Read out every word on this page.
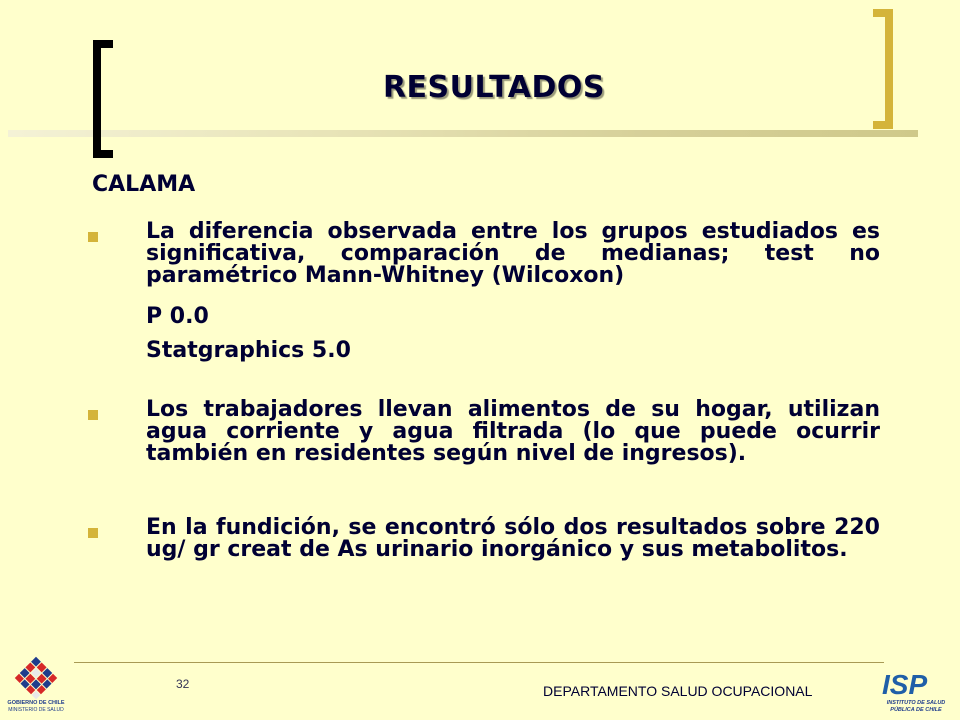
RESULTADOS
CALAMA
La diferencia observada entre los grupos estudiados es significativa, comparación de medianas; test no paramétrico Mann-Whitney (Wilcoxon)
P 0.0
Statgraphics 5.0
Los trabajadores llevan alimentos de su hogar, utilizan agua corriente y agua filtrada (lo que puede ocurrir también en residentes según nivel de ingresos).
En la fundición, se encontró sólo dos resultados sobre 220 ug/ gr creat de As urinario inorgánico y sus metabolitos.
32	DEPARTAMENTO SALUD OCUPACIONAL
GOBIERNO DE CHILE
MINISTERIO DE SALUD
ISP
INSTITUTO DE SALUD
PÚBLICA DE CHILE
